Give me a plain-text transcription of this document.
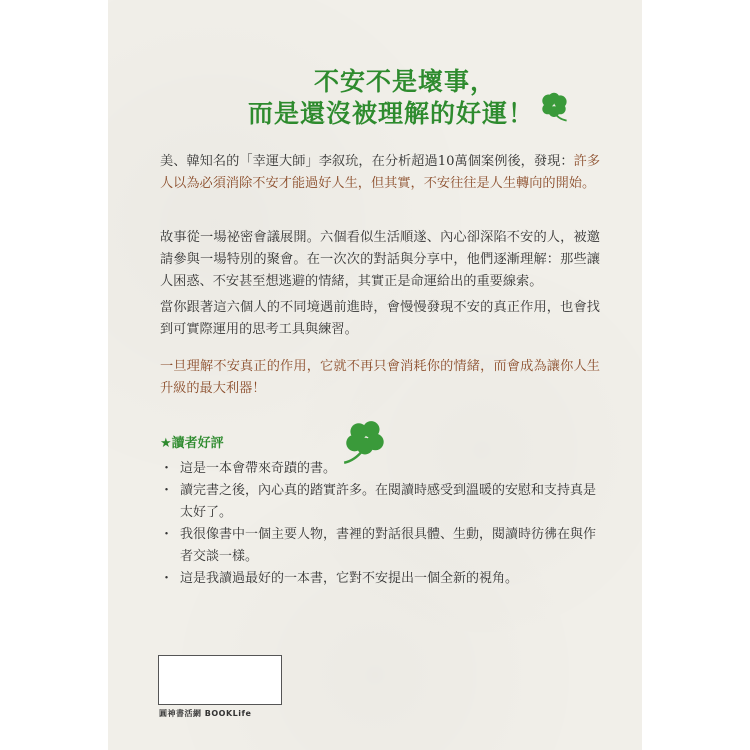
不安不是壞事，
而是還沒被理解的好運！

美、韓知名的「幸運大師」李叙玧，在分析超過10萬個案例後，發現：許多人以為必須消除不安才能過好人生，但其實，不安往往是人生轉向的開始。

故事從一場祕密會議展開。六個看似生活順遂、內心卻深陷不安的人，被邀請參與一場特別的聚會。在一次次的對話與分享中，他們逐漸理解：那些讓人困惑、不安甚至想逃避的情緒，其實正是命運給出的重要線索。

當你跟著這六個人的不同境遇前進時，會慢慢發現不安的真正作用，也會找到可實際運用的思考工具與練習。

一旦理解不安真正的作用，它就不再只會消耗你的情緒，而會成為讓你人生升級的最大利器！

★讀者好評
・ 這是一本會帶來奇蹟的書。
・ 讀完書之後，內心真的踏實許多。在閱讀時感受到溫暖的安慰和支持真是太好了。
・ 我很像書中一個主要人物，書裡的對話很具體、生動，閱讀時彷彿在與作者交談一樣。
・ 這是我讀過最好的一本書，它對不安提出一個全新的視角。
圓神書活網 BOOKLife
